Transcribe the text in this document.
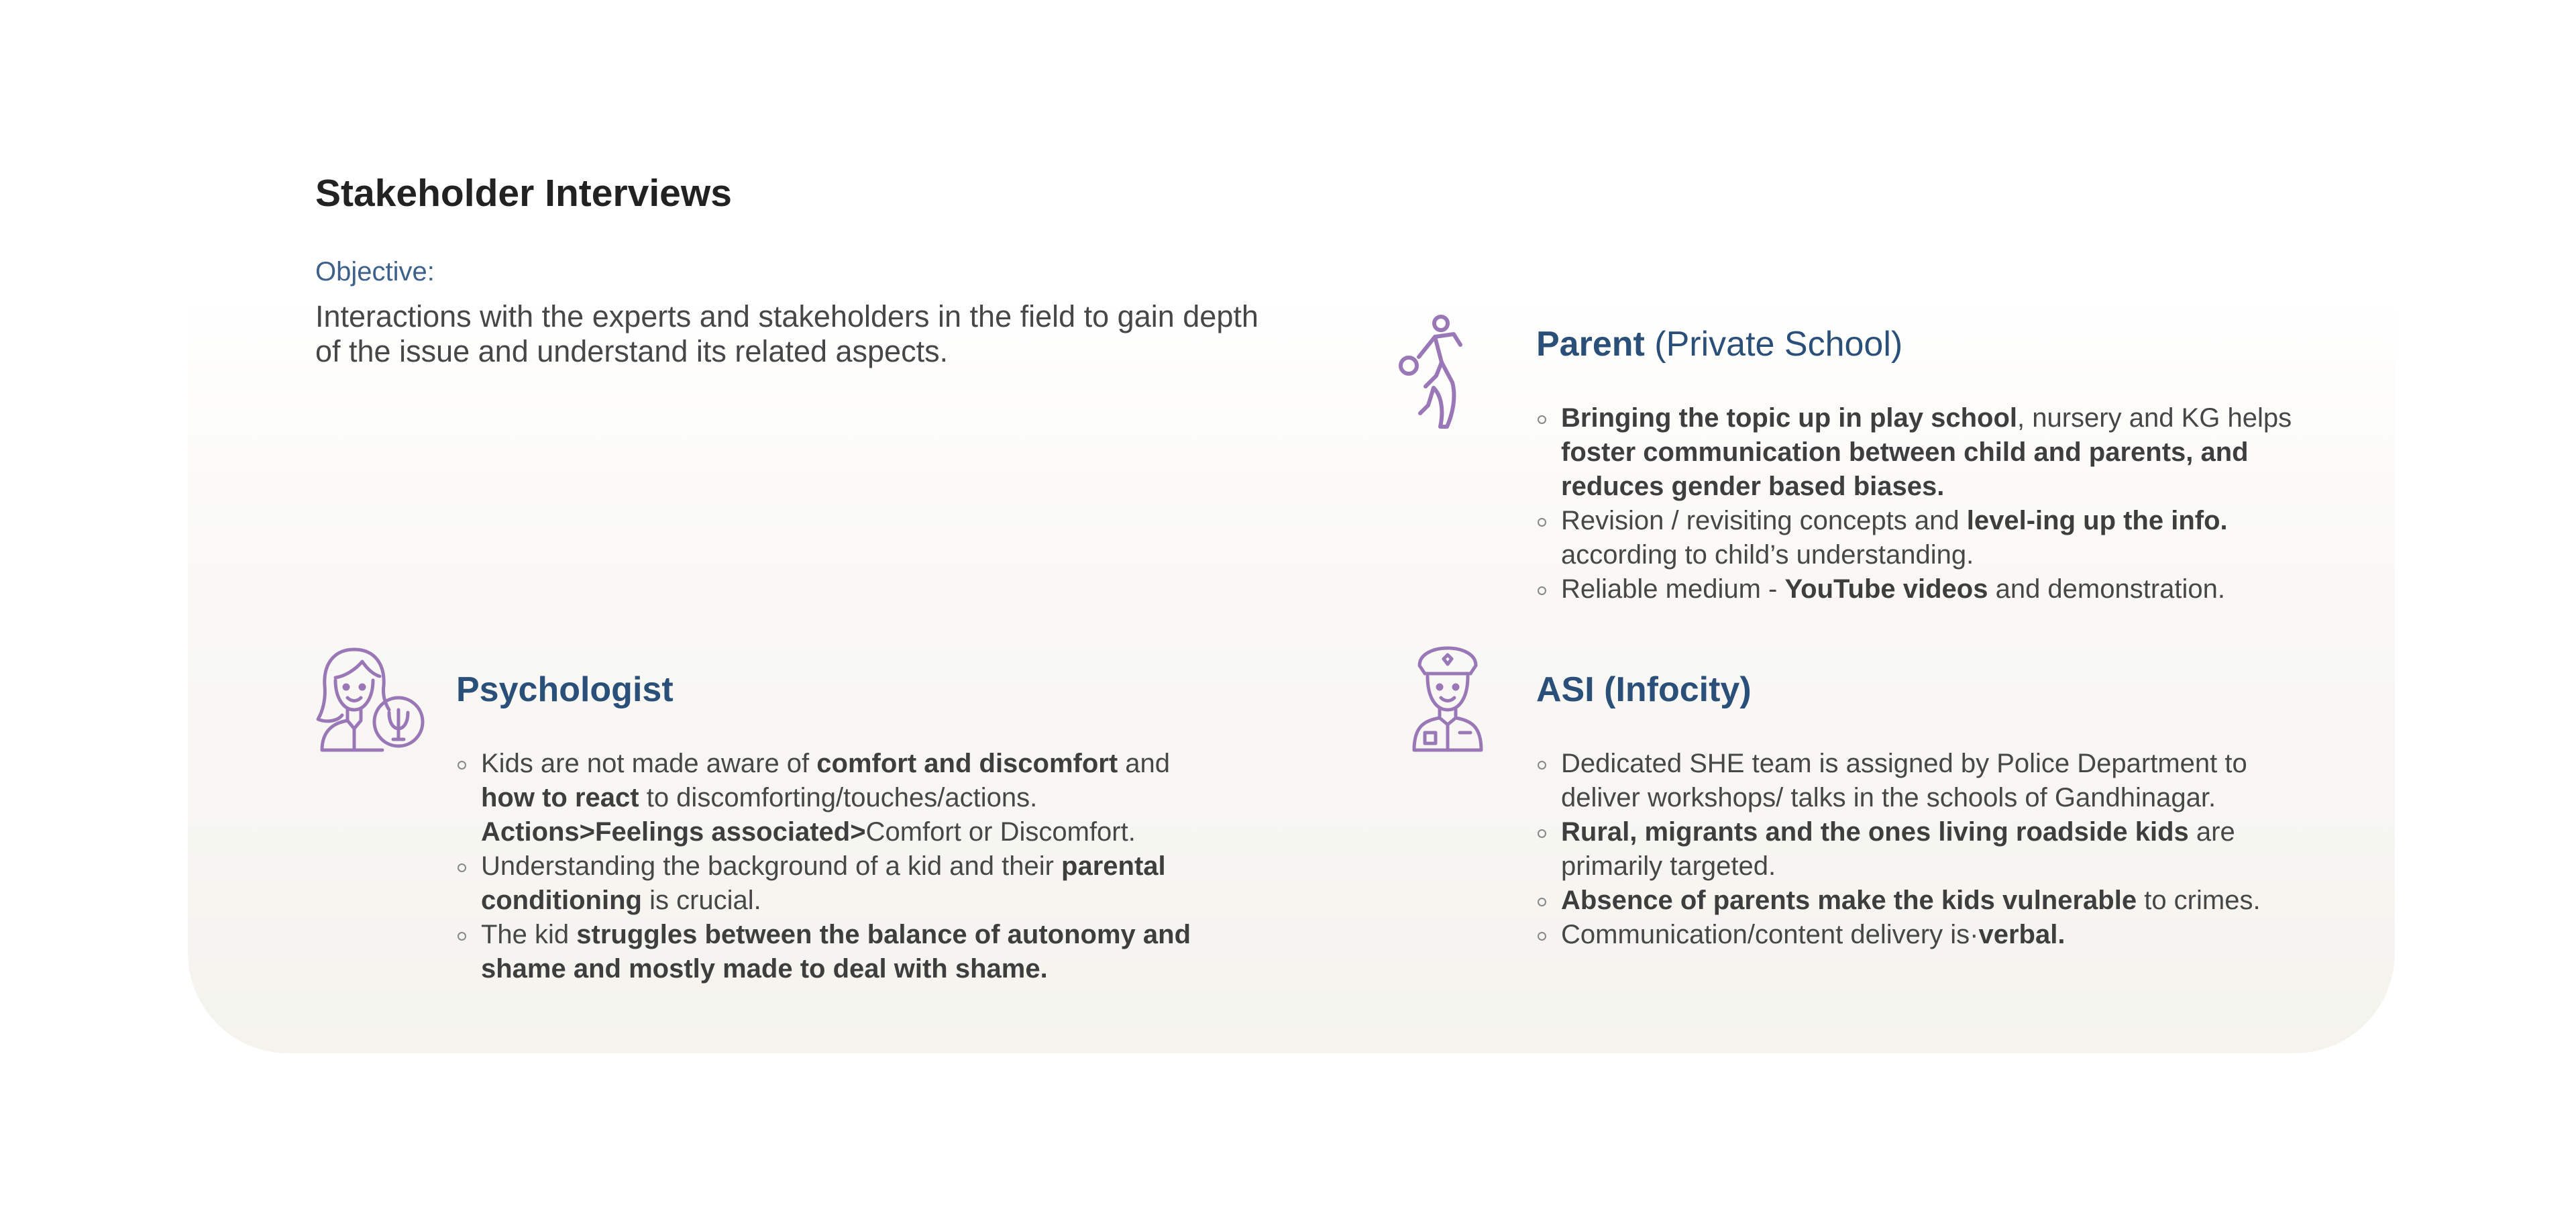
Stakeholder Interviews
Objective:
Interactions with the experts and stakeholders in the field to gain depth of the issue and understand its related aspects.	Parent (Private School)
Bringing the topic up in play school, nursery and KG helps foster communication between child and parents, and reduces gender based biases.
Revision / revisiting concepts and level-ing up the info. according to child’s understanding.
Reliable medium - YouTube videos and demonstration.
Psychologist
Kids are not made aware of comfort and discomfort and how to react to discomforting/touches/actions.
Actions>Feelings associated>Comfort or Discomfort.
Understanding the background of a kid and their parental conditioning is crucial.
The kid struggles between the balance of autonomy and shame and mostly made to deal with shame.
ASI (Infocity)
Dedicated SHE team is assigned by Police Department to deliver workshops/ talks in the schools of Gandhinagar.
Rural, migrants and the ones living roadside kids are primarily targeted.
Absence of parents make the kids vulnerable to crimes.
Communication/content delivery is·verbal.
